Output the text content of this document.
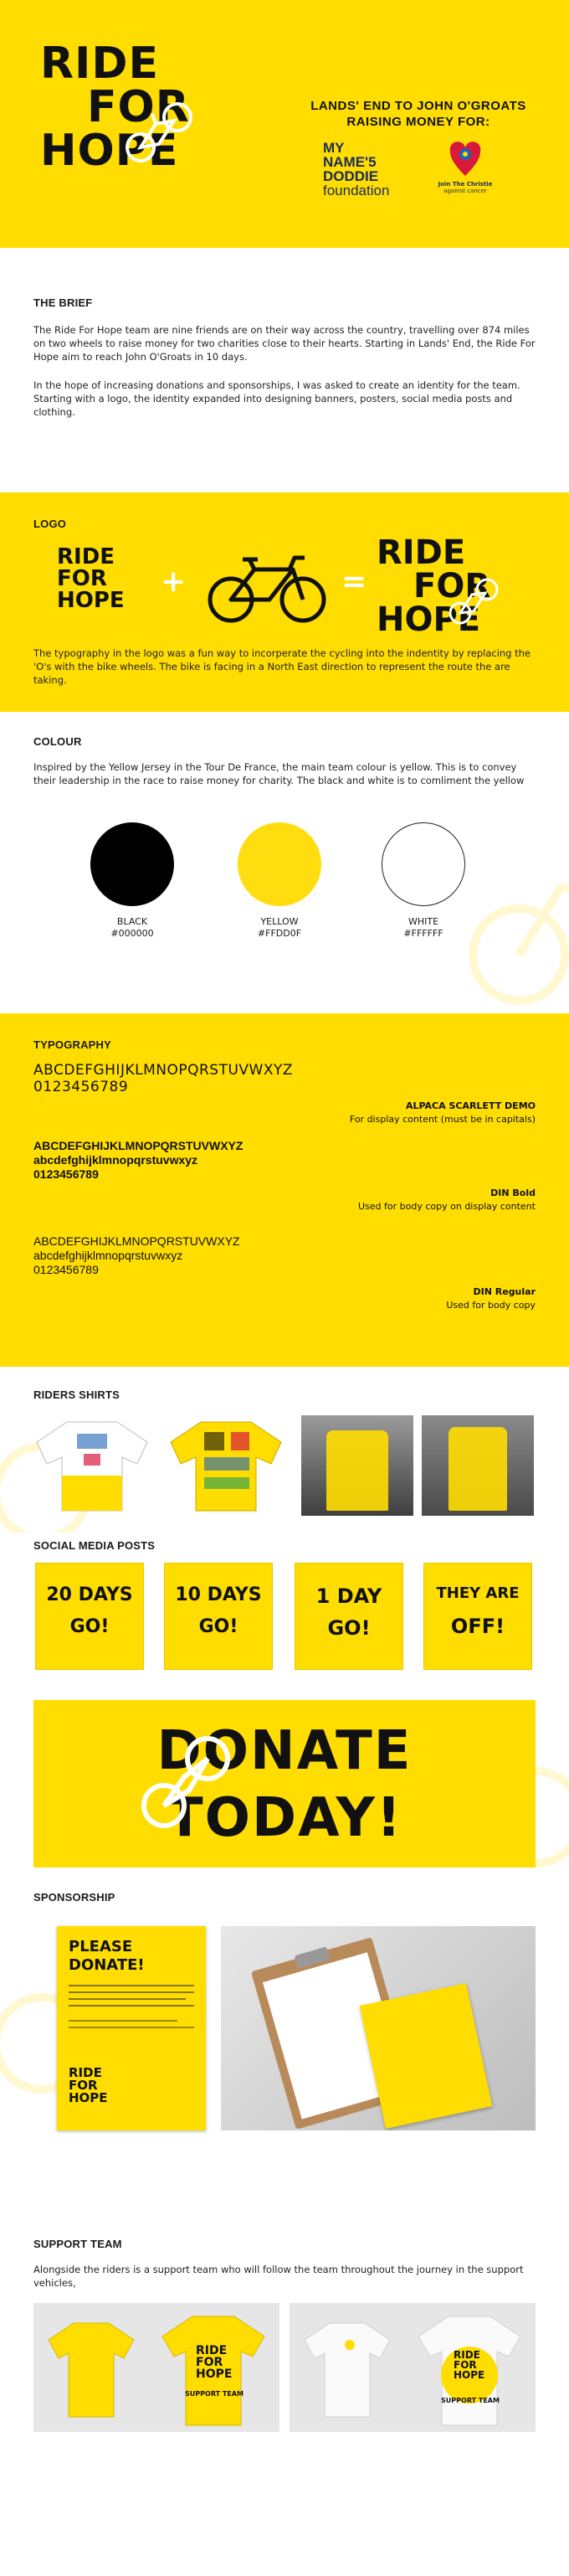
RIDE
FOR
HOPE
LANDS' END TO JOHN O'GROATS
RAISING MONEY FOR:
MY
NAME'5
DODDIE
foundation	Join The Christie
against cancer
THE BRIEF
The Ride For Hope team are nine friends are on their way across the country, travelling over 874 miles on two wheels to raise money for two charities close to their hearts. Starting in Lands' End, the Ride For Hope aim to reach John O'Groats in 10 days.
In the hope of increasing donations and sponsorships, I was asked to create an identity for the team. Starting with a logo, the identity expanded into designing banners, posters, social media posts and clothing.
LOGO
RIDE
FOR
HOPE
+	=
RIDE
FOR
HOPE
The typography in the logo was a fun way to incorperate the cycling into the indentity by replacing the 'O's with the bike wheels. The bike is facing in a North East direction to represent the route the are taking.
COLOUR
Inspired by the Yellow Jersey in the Tour De France, the main team colour is yellow. This is to convey their leadership in the race to raise money for charity. The black and white is to comliment the yellow
BLACK
#000000
YELLOW
#FFDD0F
WHITE
#FFFFFF
TYPOGRAPHY
ABCDEFGHIJKLMNOPQRSTUVWXYZ
0123456789
ALPACA SCARLETT DEMO
For display content (must be in capitals)
ABCDEFGHIJKLMNOPQRSTUVWXYZ
abcdefghijklmnopqrstuvwxyz
0123456789
DIN Bold
Used for body copy on display content
ABCDEFGHIJKLMNOPQRSTUVWXYZ
abcdefghijklmnopqrstuvwxyz
0123456789
DIN Regular
Used for body copy
RIDERS SHIRTS
SOCIAL MEDIA POSTS
20 DAYS
GO!
10 DAYS
GO!
1 DAY
GO!
THEY ARE
OFF!
DONATE
TODAY!
SPONSORSHIP
PLEASE
DONATE!
RIDE
FOR
HOPE
SUPPORT TEAM
Alongside the riders is a support team who will follow the team throughout the journey in the support vehicles,
RIDE
FOR
HOPE
SUPPORT TEAM
RIDE
FOR
HOPE
SUPPORT TEAM
